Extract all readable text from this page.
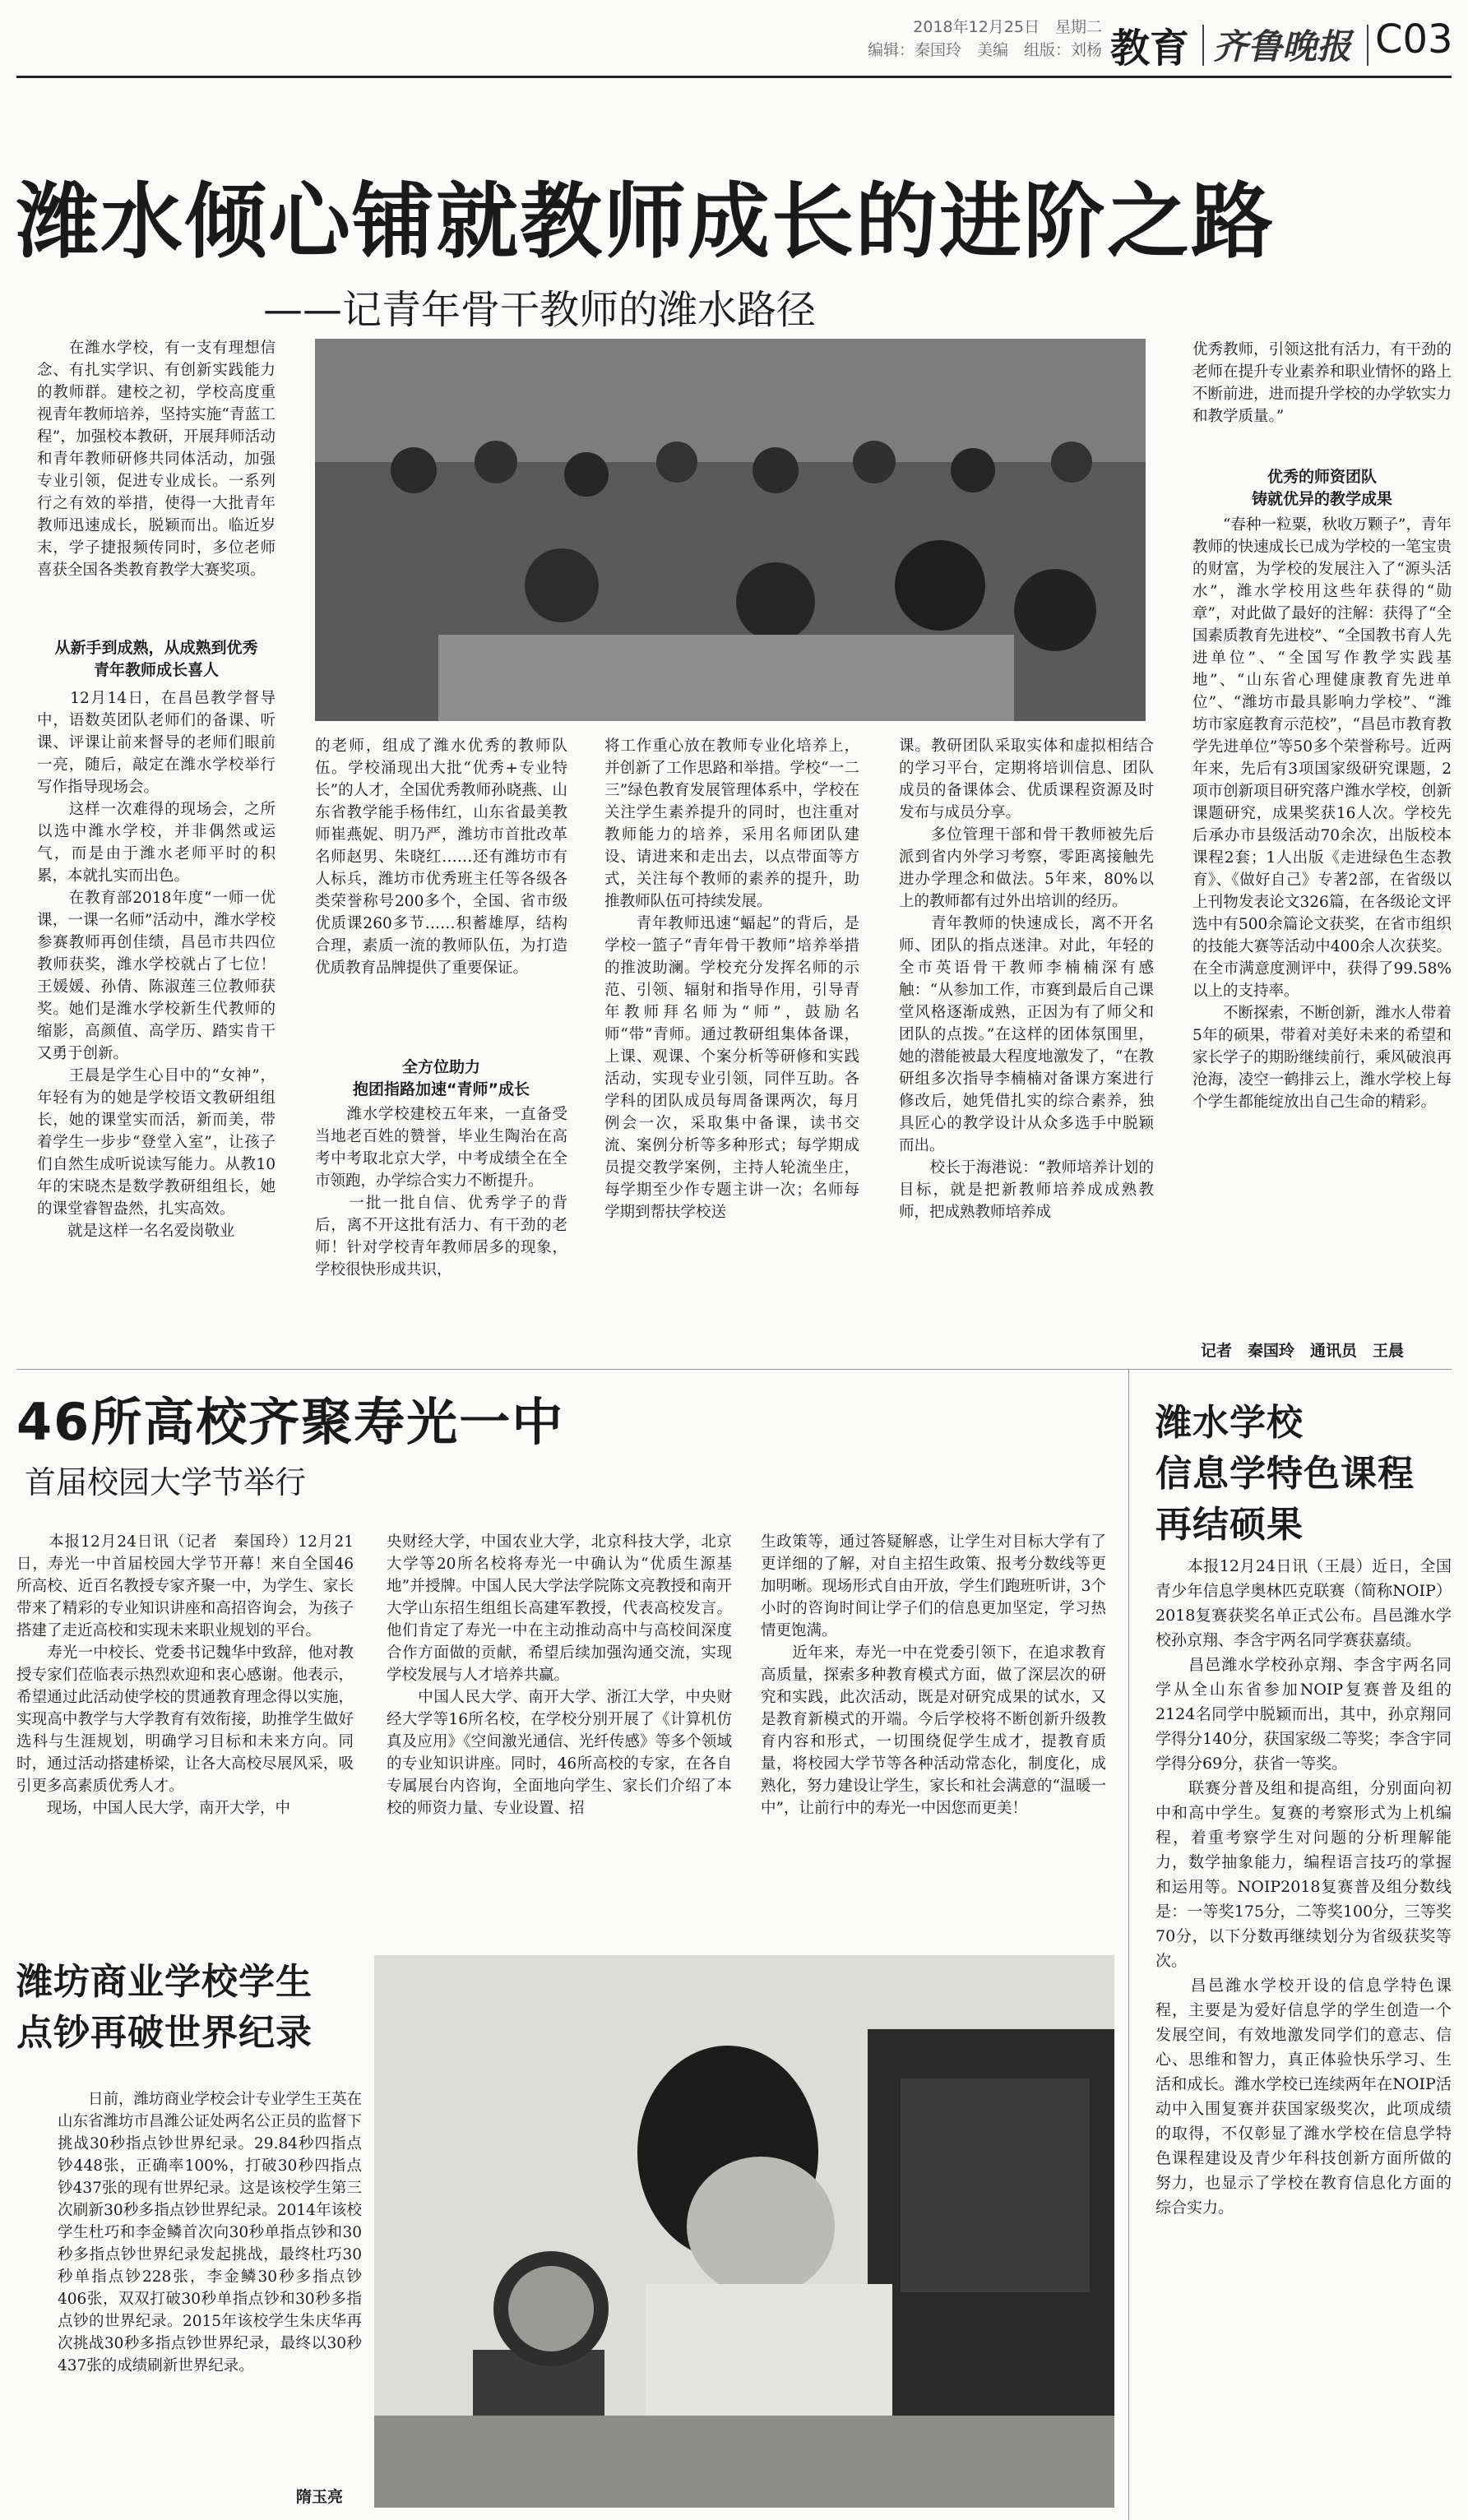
2018年12月25日　星期二
编辑：秦国玲　美编　组版：刘杨 教育 齐鲁晚报 C03
潍水倾心铺就教师成长的进阶之路
——记青年骨干教师的潍水路径
　　在潍水学校，有一支有理想信念、有扎实学识、有创新实践能力的教师群。建校之初，学校高度重视青年教师培养，坚持实施“青蓝工程”，加强校本教研，开展拜师活动和青年教师研修共同体活动，加强专业引领，促进专业成长。一系列行之有效的举措，使得一大批青年教师迅速成长，脱颖而出。临近岁末，学子捷报频传同时，多位老师喜获全国各类教育教学大赛奖项。
从新手到成熟，从成熟到优秀
青年教师成长喜人
　　12月14日，在昌邑教学督导中，语数英团队老师们的备课、听课、评课让前来督导的老师们眼前一亮，随后，敲定在潍水学校举行写作指导现场会。
　　这样一次难得的现场会，之所以选中潍水学校，并非偶然或运气，而是由于潍水老师平时的积累，本就扎实而出色。
　　在教育部2018年度“一师一优课，一课一名师”活动中，潍水学校参赛教师再创佳绩，昌邑市共四位教师获奖，潍水学校就占了七位！王媛媛、孙倩、陈淑莲三位教师获奖。她们是潍水学校新生代教师的缩影，高颜值、高学历、踏实肯干又勇于创新。
　　王晨是学生心目中的“女神”，年轻有为的她是学校语文教研组组长，她的课堂实而活，新而美，带着学生一步步“登堂入室”，让孩子们自然生成听说读写能力。从教10年的宋晓杰是数学教研组组长，她的课堂睿智盎然，扎实高效。
　　就是这样一名名爱岗敬业
的老师，组成了潍水优秀的教师队伍。学校涌现出大批“优秀+专业特长”的人才，全国优秀教师孙晓燕、山东省教学能手杨伟红，山东省最美教师崔燕妮、明乃严，潍坊市首批改革名师赵男、朱晓红……还有潍坊市有人标兵，潍坊市优秀班主任等各级各类荣誉称号200多个，全国、省市级优质课260多节……积蓄雄厚，结构合理，素质一流的教师队伍，为打造优质教育品牌提供了重要保证。
全方位助力
抱团指路加速“青师”成长
　　潍水学校建校五年来，一直备受当地老百姓的赞誉，毕业生陶治在高考中考取北京大学，中考成绩全在全市领跑，办学综合实力不断提升。
　　一批一批自信、优秀学子的背后，离不开这批有活力、有干劲的老师！针对学校青年教师居多的现象，学校很快形成共识，
将工作重心放在教师专业化培养上，并创新了工作思路和举措。学校“一二三”绿色教育发展管理体系中，学校在关注学生素养提升的同时，也注重对教师能力的培养，采用名师团队建设、请进来和走出去，以点带面等方式，关注每个教师的素养的提升，助推教师队伍可持续发展。
　　青年教师迅速“蝠起”的背后，是学校一篮子“青年骨干教师”培养举措的推波助澜。学校充分发挥名师的示范、引领、辐射和指导作用，引导青年教师拜名师为“师”，鼓励名师“带”青师。通过教研组集体备课，上课、观课、个案分析等研修和实践活动，实现专业引领，同伴互助。各学科的团队成员每周备课两次，每月例会一次，采取集中备课，读书交流、案例分析等多种形式；每学期成员提交教学案例，主持人轮流坐庄，每学期至少作专题主讲一次；名师每学期到帮扶学校送
课。教研团队采取实体和虚拟相结合的学习平台，定期将培训信息、团队成员的备课体会、优质课程资源及时发布与成员分享。
　　多位管理干部和骨干教师被先后派到省内外学习考察，零距离接触先进办学理念和做法。5年来，80%以上的教师都有过外出培训的经历。
　　青年教师的快速成长，离不开名师、团队的指点迷津。对此，年轻的全市英语骨干教师李楠楠深有感触：“从参加工作，市赛到最后自己课堂风格逐渐成熟，正因为有了师父和团队的点拨。”在这样的团体氛围里，她的潜能被最大程度地激发了，“在教研组多次指导李楠楠对备课方案进行修改后，她凭借扎实的综合素养，独具匠心的教学设计从众多选手中脱颖而出。
　　校长于海港说：“教师培养计划的目标，就是把新教师培养成成熟教师，把成熟教师培养成
优秀教师，引领这批有活力，有干劲的老师在提升专业素养和职业情怀的路上不断前进，进而提升学校的办学软实力和教学质量。”
优秀的师资团队
铸就优异的教学成果
　　“春种一粒粟，秋收万颗子”，青年教师的快速成长已成为学校的一笔宝贵的财富，为学校的发展注入了“源头活水”，潍水学校用这些年获得的“勋章”，对此做了最好的注解：获得了“全国素质教育先进校”、“全国教书育人先进单位”、“全国写作教学实践基地”、“山东省心理健康教育先进单位”、“潍坊市最具影响力学校”、“潍坊市家庭教育示范校”，“昌邑市教育教学先进单位”等50多个荣誉称号。近两年来，先后有3项国家级研究课题，2项市创新项目研究落户潍水学校，创新课题研究，成果奖获16人次。学校先后承办市县级活动70余次，出版校本课程2套；1人出版《走进绿色生态教育》、《做好自己》专著2部，在省级以上刊物发表论文326篇，在各级论文评选中有500余篇论文获奖，在省市组织的技能大赛等活动中400余人次获奖。在全市满意度测评中，获得了99.58%以上的支持率。
　　不断探索，不断创新，潍水人带着5年的硕果，带着对美好未来的希望和家长学子的期盼继续前行，乘风破浪再沧海，凌空一鹤排云上，潍水学校上每个学生都能绽放出自己生命的精彩。
记者　秦国玲　通讯员　王晨
46所高校齐聚寿光一中
首届校园大学节举行
　　本报12月24日讯（记者　秦国玲）12月21日，寿光一中首届校园大学节开幕！来自全国46所高校、近百名教授专家齐聚一中，为学生、家长带来了精彩的专业知识讲座和高招咨询会，为孩子搭建了走近高校和实现未来职业规划的平台。
　　寿光一中校长、党委书记魏华中致辞，他对教授专家们莅临表示热烈欢迎和衷心感谢。他表示，希望通过此活动使学校的贯通教育理念得以实施，实现高中教学与大学教育有效衔接，助推学生做好选科与生涯规划，明确学习目标和未来方向。同时，通过活动搭建桥梁，让各大高校尽展风采，吸引更多高素质优秀人才。
　　现场，中国人民大学，南开大学，中
央财经大学，中国农业大学，北京科技大学，北京大学等20所名校将寿光一中确认为“优质生源基地”并授牌。中国人民大学法学院陈文亮教授和南开大学山东招生组组长高建军教授，代表高校发言。他们肯定了寿光一中在主动推动高中与高校间深度合作方面做的贡献，希望后续加强沟通交流，实现学校发展与人才培养共赢。
　　中国人民大学、南开大学、浙江大学，中央财经大学等16所名校，在学校分别开展了《计算机仿真及应用》《空间激光通信、光纤传感》等多个领域的专业知识讲座。同时，46所高校的专家，在各自专属展台内咨询，全面地向学生、家长们介绍了本校的师资力量、专业设置、招
生政策等，通过答疑解惑，让学生对目标大学有了更详细的了解，对自主招生政策、报考分数线等更加明晰。现场形式自由开放，学生们跑班听讲，3个小时的咨询时间让学子们的信息更加坚定，学习热情更饱满。
　　近年来，寿光一中在党委引领下，在追求教育高质量，探索多种教育模式方面，做了深层次的研究和实践，此次活动，既是对研究成果的试水，又是教育新模式的开端。今后学校将不断创新升级教育内容和形式，一切围绕促学生成才，提教育质量，将校园大学节等各种活动常态化，制度化，成熟化，努力建设让学生，家长和社会满意的“温暖一中”，让前行中的寿光一中因您而更美！
潍水学校
信息学特色课程
再结硕果
　　本报12月24日讯（王晨）近日，全国青少年信息学奥林匹克联赛（简称NOIP）2018复赛获奖名单正式公布。昌邑潍水学校孙京翔、李含宇两名同学赛获嘉绩。
　　昌邑潍水学校孙京翔、李含宇两名同学从全山东省参加NOIP复赛普及组的2124名同学中脱颖而出，其中，孙京翔同学得分140分，获国家级二等奖；李含宇同学得分69分，获省一等奖。
　　联赛分普及组和提高组，分别面向初中和高中学生。复赛的考察形式为上机编程，着重考察学生对问题的分析理解能力，数学抽象能力，编程语言技巧的掌握和运用等。NOIP2018复赛普及组分数线是：一等奖175分，二等奖100分，三等奖70分，以下分数再继续划分为省级获奖等次。
　　昌邑潍水学校开设的信息学特色课程，主要是为爱好信息学的学生创造一个发展空间，有效地激发同学们的意志、信心、思维和智力，真正体验快乐学习、生活和成长。潍水学校已连续两年在NOIP活动中入围复赛并获国家级奖次，此项成绩的取得，不仅彰显了潍水学校在信息学特色课程建设及青少年科技创新方面所做的努力，也显示了学校在教育信息化方面的综合实力。
潍坊商业学校学生
点钞再破世界纪录
　　日前，潍坊商业学校会计专业学生王英在山东省潍坊市昌潍公证处两名公正员的监督下挑战30秒指点钞世界纪录。29.84秒四指点钞448张，正确率100%，打破30秒四指点钞437张的现有世界纪录。这是该校学生第三次刷新30秒多指点钞世界纪录。2014年该校学生杜巧和李金鳞首次向30秒单指点钞和30秒多指点钞世界纪录发起挑战，最终杜巧30秒单指点钞228张，李金鳞30秒多指点钞406张，双双打破30秒单指点钞和30秒多指点钞的世界纪录。2015年该校学生朱庆华再次挑战30秒多指点钞世界纪录，最终以30秒437张的成绩刷新世界纪录。
隋玉亮
